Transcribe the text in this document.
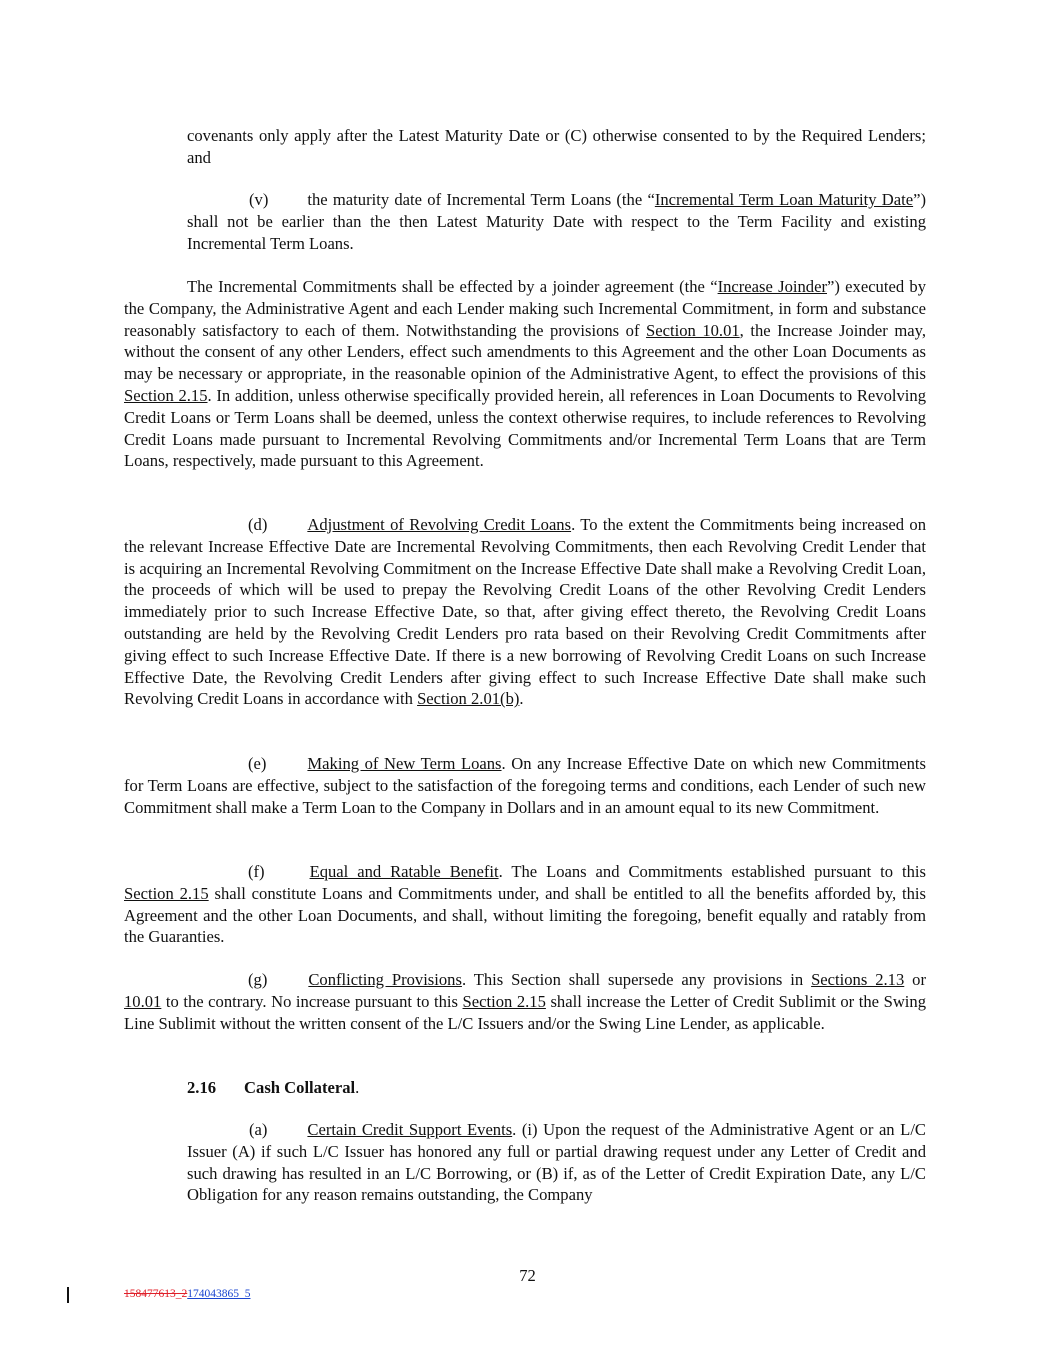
covenants only apply after the Latest Maturity Date or (C) otherwise consented to by the Required Lenders; and

(v) the maturity date of Incremental Term Loans (the “Incremental Term Loan Maturity Date”) shall not be earlier than the then Latest Maturity Date with respect to the Term Facility and existing Incremental Term Loans.

The Incremental Commitments shall be effected by a joinder agreement (the “Increase Joinder”) executed by the Company, the Administrative Agent and each Lender making such Incremental Commitment, in form and substance reasonably satisfactory to each of them. Notwithstanding the provisions of Section 10.01, the Increase Joinder may, without the consent of any other Lenders, effect such amendments to this Agreement and the other Loan Documents as may be necessary or appropriate, in the reasonable opinion of the Administrative Agent, to effect the provisions of this Section 2.15. In addition, unless otherwise specifically provided herein, all references in Loan Documents to Revolving Credit Loans or Term Loans shall be deemed, unless the context otherwise requires, to include references to Revolving Credit Loans made pursuant to Incremental Revolving Commitments and/or Incremental Term Loans that are Term Loans, respectively, made pursuant to this Agreement.

(d) Adjustment of Revolving Credit Loans. To the extent the Commitments being increased on the relevant Increase Effective Date are Incremental Revolving Commitments, then each Revolving Credit Lender that is acquiring an Incremental Revolving Commitment on the Increase Effective Date shall make a Revolving Credit Loan, the proceeds of which will be used to prepay the Revolving Credit Loans of the other Revolving Credit Lenders immediately prior to such Increase Effective Date, so that, after giving effect thereto, the Revolving Credit Loans outstanding are held by the Revolving Credit Lenders pro rata based on their Revolving Credit Commitments after giving effect to such Increase Effective Date. If there is a new borrowing of Revolving Credit Loans on such Increase Effective Date, the Revolving Credit Lenders after giving effect to such Increase Effective Date shall make such Revolving Credit Loans in accordance with Section 2.01(b).

(e) Making of New Term Loans. On any Increase Effective Date on which new Commitments for Term Loans are effective, subject to the satisfaction of the foregoing terms and conditions, each Lender of such new Commitment shall make a Term Loan to the Company in Dollars and in an amount equal to its new Commitment.

(f)	Equal and Ratable Benefit. The Loans and Commitments established pursuant to this Section 2.15 shall constitute Loans and Commitments under, and shall be entitled to all the benefits afforded by, this Agreement and the other Loan Documents, and shall, without limiting the foregoing, benefit equally and ratably from the Guaranties.

(g) Conflicting Provisions. This Section shall supersede any provisions in Sections 2.13 or 10.01 to the contrary. No increase pursuant to this Section 2.15 shall increase the Letter of Credit Sublimit or the Swing Line Sublimit without the written consent of the L/C Issuers and/or the Swing Line Lender, as applicable.

2.16 Cash Collateral.

(a) Certain Credit Support Events. (i) Upon the request of the Administrative Agent or an L/C Issuer (A) if such L/C Issuer has honored any full or partial drawing request under any Letter of Credit and such drawing has resulted in an L/C Borrowing, or (B) if, as of the Letter of Credit Expiration Date, any L/C Obligation for any reason remains outstanding, the Company

72
158477613_2174043865_5
